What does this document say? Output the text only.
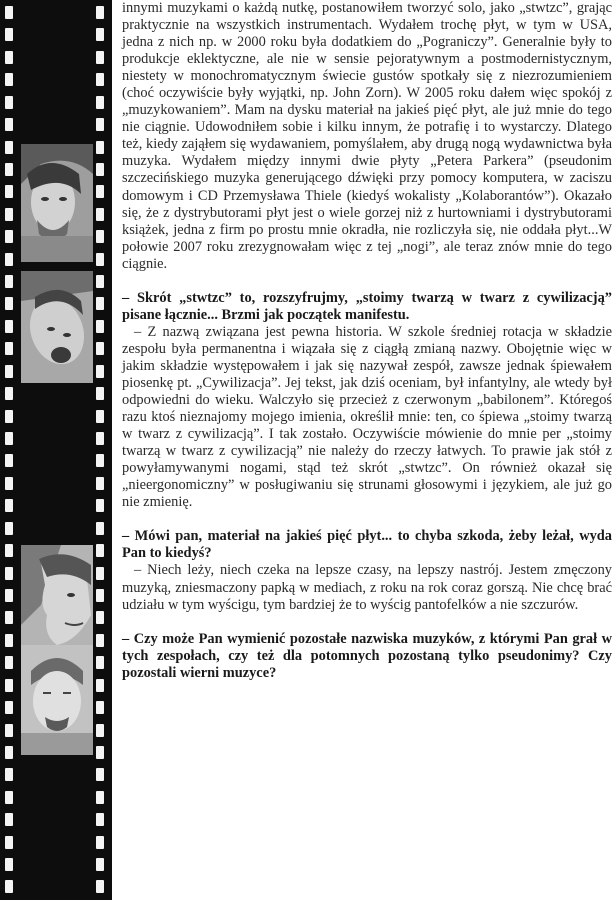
innymi muzykami o każdą nutkę, postanowiłem tworzyć solo, jako „stwtzc”, grając praktycznie na wszystkich instrumentach. Wydałem trochę płyt, w tym w USA, jedna z nich np. w 2000 roku była dodatkiem do „Pograniczy”. Generalnie były to produkcje eklektyczne, ale nie w sensie pejoratywnym a postmodernistycznym, niestety w monochromatycznym świecie gustów spotkały się z niezrozumieniem (choć oczywiście były wyjątki, np. John Zorn). W 2005 roku dałem więc spokój z „muzykowaniem”. Mam na dysku materiał na jakieś pięć płyt, ale już mnie do tego nie ciągnie. Udowodniłem sobie i kilku innym, że potrafię i to wystarczy. Dlatego też, kiedy zająłem się wydawaniem, pomyślałem, aby drugą nogą wydawnictwa była muzyka. Wydałem między innymi dwie płyty „Petera Parkera” (pseudonim szczecińskiego muzyka generującego dźwięki przy pomocy komputera, w zaciszu domowym i CD Przemysława Thiele (kiedyś wokalisty „Kolaborantów”). Okazało się, że z dystrybutorami płyt jest o wiele gorzej niż z hurtowniami i dystrybutorami książek, jedna z firm po prostu mnie okradła, nie rozliczyła się, nie oddała płyt...W połowie 2007 roku zrezygnowałam więc z tej „nogi”, ale teraz znów mnie do tego ciągnie.

– Skrót „stwtzc” to, rozszyfrujmy, „stoimy twarzą w twarz z cywilizacją” pisane łącznie... Brzmi jak początek manifestu.

– Z nazwą związana jest pewna historia. W szkole średniej rotacja w składzie zespołu była permanentna i wiązała się z ciągłą zmianą nazwy. Obojętnie więc w jakim składzie występowałem i jak się nazywał zespół, zawsze jednak śpiewałem piosenkę pt. „Cywilizacja”. Jej tekst, jak dziś oceniam, był infantylny, ale wtedy był odpowiedni do wieku. Walczyło się przecież z czerwonym „babilonem”. Któregoś razu ktoś nieznajomy mojego imienia, określił mnie: ten, co śpiewa „stoimy twarzą w twarz z cywilizacją”. I tak zostało. Oczywiście mówienie do mnie per „stoimy twarzą w twarz z cywilizacją” nie należy do rzeczy łatwych. To prawie jak stół z powyłamywanymi nogami, stąd też skrót „stwtzc”. On również okazał się „nieergonomiczny” w posługiwaniu się strunami głosowymi i językiem, ale już go nie zmienię.

– Mówi pan, materiał na jakieś pięć płyt... to chyba szkoda, żeby leżał, wyda Pan to kiedyś?

– Niech leży, niech czeka na lepsze czasy, na lepszy nastrój. Jestem zmęczony muzyką, zniesmaczony papką w mediach, z roku na rok coraz gorszą. Nie chcę brać udziału w tym wyścigu, tym bardziej że to wyścig pantofelków a nie szczurów.

– Czy może Pan wymienić pozostałe nazwiska muzyków, z którymi Pan grał w tych zespołach, czy też dla potomnych pozostaną tylko pseudonimy? Czy pozostali wierni muzyce?
